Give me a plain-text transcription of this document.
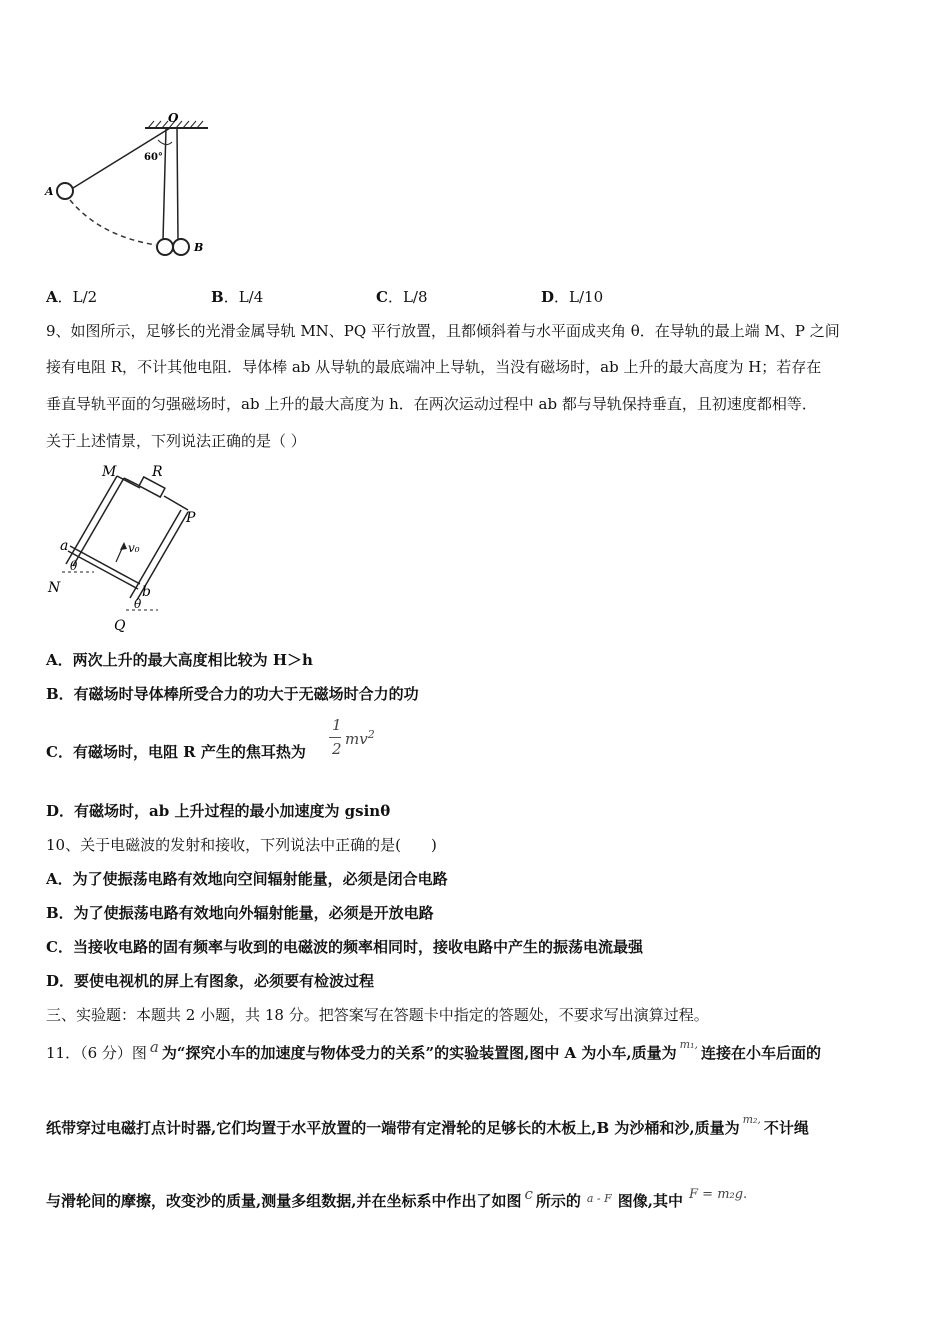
O
60°
A
B
A．L/2	B．L/4	C．L/8	D．L/10
9、如图所示，足够长的光滑金属导轨 MN、PQ 平行放置，且都倾斜着与水平面成夹角 θ．在导轨的最上端 M、P 之间
接有电阻 R，不计其他电阻．导体棒 ab 从导轨的最底端冲上导轨，当没有磁场时，ab 上升的最大高度为 H；若存在
垂直导轨平面的匀强磁场时，ab 上升的最大高度为 h．在两次运动过程中 ab 都与导轨保持垂直，且初速度都相等．
关于上述情景，下列说法正确的是（ ）
M	R
P
a
b
v₀
θ
N
θ
Q
A．两次上升的最大高度相比较为 H＞h
B．有磁场时导体棒所受合力的功大于无磁场时合力的功
C．有磁场时，电阻 R 产生的焦耳热为
1
2
$mv^2$
D．有磁场时，ab 上升过程的最小加速度为 gsinθ
10、关于电磁波的发射和接收，下列说法中正确的是(　　)
A．为了使振荡电路有效地向空间辐射能量，必须是闭合电路
B．为了使振荡电路有效地向外辐射能量，必须是开放电路
C．当接收电路的固有频率与收到的电磁波的频率相同时，接收电路中产生的振荡电流最强
D．要使电视机的屏上有图象，必须要有检波过程
三、实验题：本题共 2 小题，共 18 分。把答案写在答题卡中指定的答题处，不要求写出演算过程。
11．（6 分）图 a 为“探究小车的加速度与物体受力的关系”的实验装置图,图中 A 为小车,质量为 $^{m_1,}$ 连接在小车后面的
纸带穿过电磁打点计时器,它们均置于水平放置的一端带有定滑轮的足够长的木板上,B 为沙桶和沙,质量为 $^{m_2,}$ 不计绳
与滑轮间的摩擦，改变沙的质量,测量多组数据,并在坐标系中作出了如图 c 所示的 $^{a - F}$ 图像,其中 F = m₂g.
